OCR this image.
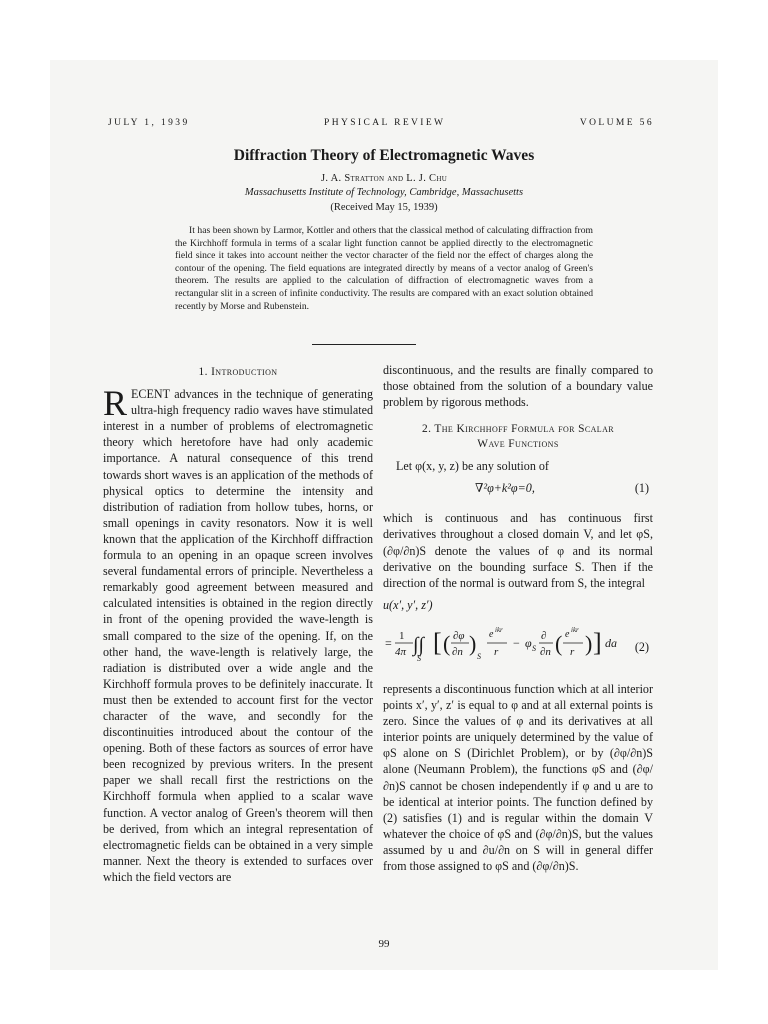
JULY 1, 1939	PHYSICAL REVIEW	VOLUME 56
Diffraction Theory of Electromagnetic Waves
J. A. Stratton and L. J. Chu
Massachusetts Institute of Technology, Cambridge, Massachusetts
(Received May 15, 1939)
It has been shown by Larmor, Kottler and others that the classical method of calculating diffraction from the Kirchhoff formula in terms of a scalar light function cannot be applied directly to the electromagnetic field since it takes into account neither the vector character of the field nor the effect of charges along the contour of the opening. The field equations are integrated directly by means of a vector analog of Green's theorem. The results are applied to the calculation of diffraction of electromagnetic waves from a rectangular slit in a screen of infinite conductivity. The results are compared with an exact solution obtained recently by Morse and Rubenstein.
1. Introduction
RECENT advances in the technique of generating ultra-high frequency radio waves have stimulated interest in a number of problems of electromagnetic theory which heretofore have had only academic importance. A natural consequence of this trend towards short waves is an application of the methods of physical optics to determine the intensity and distribution of radiation from hollow tubes, horns, or small openings in cavity resonators. Now it is well known that the application of the Kirchhoff diffraction formula to an opening in an opaque screen involves several fundamental errors of principle. Nevertheless a remarkably good agreement between measured and calculated intensities is obtained in the region directly in front of the opening provided the wave-length is small compared to the size of the opening. If, on the other hand, the wave-length is relatively large, the radiation is distributed over a wide angle and the Kirchhoff formula proves to be definitely inaccurate. It must then be extended to account first for the vector character of the wave, and secondly for the discontinuities introduced about the contour of the opening. Both of these factors as sources of error have been recognized by previous writers. In the present paper we shall recall first the restrictions on the Kirchhoff formula when applied to a scalar wave function. A vector analog of Green's theorem will then be derived, from which an integral representation of electromagnetic fields can be obtained in a very simple manner. Next the theory is extended to surfaces over which the field vectors are
discontinuous, and the results are finally compared to those obtained from the solution of a boundary value problem by rigorous methods.
2. The Kirchhoff Formula for Scalar
Wave Functions
Let φ(x, y, z) be any solution of
∇²φ+k²φ=0,	(1)
which is continuous and has continuous first derivatives throughout a closed domain V, and let φS, (∂φ/∂n)S denote the values of φ and its normal derivative on the bounding surface S. Then if the direction of the normal is outward from S, the integral
u(x′, y′, z′)
= 1
4π ∫∫
S
[ ( ∂φ
∂n )
S
e ikr
r
− φ S
∂
∂n ( e ikr
r ) ] da (2)
represents a discontinuous function which at all interior points x′, y′, z′ is equal to φ and at all external points is zero. Since the values of φ and its derivatives at all interior points are uniquely determined by the value of φS alone on S (Dirichlet Problem), or by (∂φ/∂n)S alone (Neumann Problem), the functions φS and (∂φ/∂n)S cannot be chosen independently if φ and u are to be identical at interior points. The function defined by (2) satisfies (1) and is regular within the domain V whatever the choice of φS and (∂φ/∂n)S, but the values assumed by u and ∂u/∂n on S will in general differ from those assigned to φS and (∂φ/∂n)S.
99
